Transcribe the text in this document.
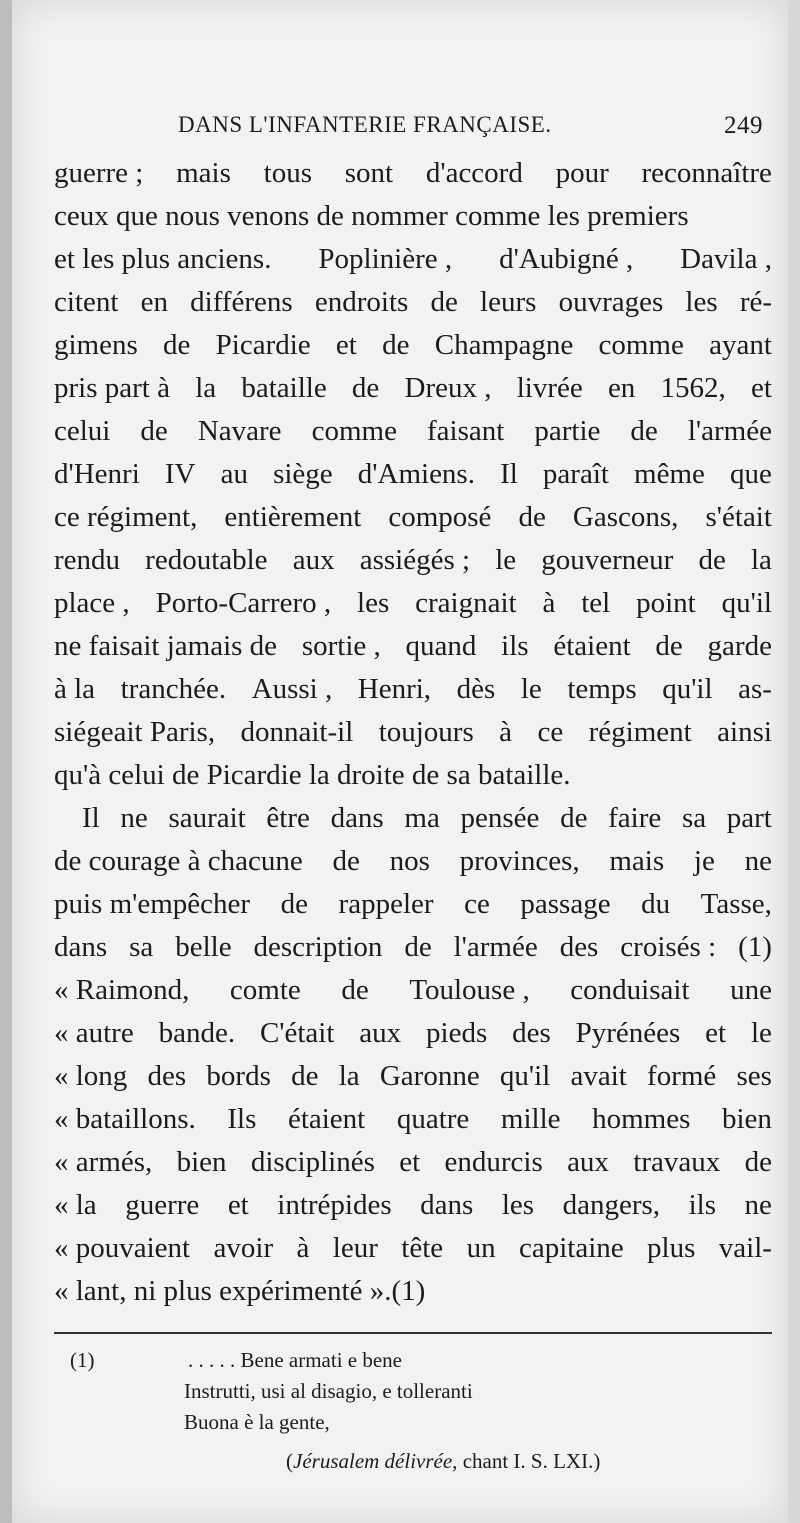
DANS L'INFANTERIE FRANÇAISE.	249
guerre ; mais tous sont d'accord pour reconnaître
ceux que nous venons de nommer comme les premiers
et les plus anciens. Poplinière , d'Aubigné , Davila ,
citent en différens endroits de leurs ouvrages les ré-
gimens de Picardie et de Champagne comme ayant
pris part à la bataille de Dreux , livrée en 1562, et
celui de Navare comme faisant partie de l'armée
d'Henri IV au siège d'Amiens. Il paraît même que
ce régiment, entièrement composé de Gascons, s'était
rendu redoutable aux assiégés ; le gouverneur de la
place , Porto-Carrero , les craignait à tel point qu'il
ne faisait jamais de sortie , quand ils étaient de garde
à la tranchée. Aussi , Henri, dès le temps qu'il as-
siégeait Paris, donnait-il toujours à ce régiment ainsi
qu'à celui de Picardie la droite de sa bataille.
Il ne saurait être dans ma pensée de faire sa part
de courage à chacune de nos provinces, mais je ne
puis m'empêcher de rappeler ce passage du Tasse,
dans sa belle description de l'armée des croisés : (1)
« Raimond, comte de Toulouse , conduisait une
« autre bande. C'était aux pieds des Pyrénées et le
« long des bords de la Garonne qu'il avait formé ses
« bataillons. Ils étaient quatre mille hommes bien
« armés, bien disciplinés et endurcis aux travaux de
« la guerre et intrépides dans les dangers, ils ne
« pouvaient avoir à leur tête un capitaine plus vail-
« lant, ni plus expérimenté ».(1)
(1)	. . . . . Bene armati e bene
Instrutti, usi al disagio, e tolleranti
Buona è la gente,
(Jérusalem délivrée, chant I. S. LXI.)
